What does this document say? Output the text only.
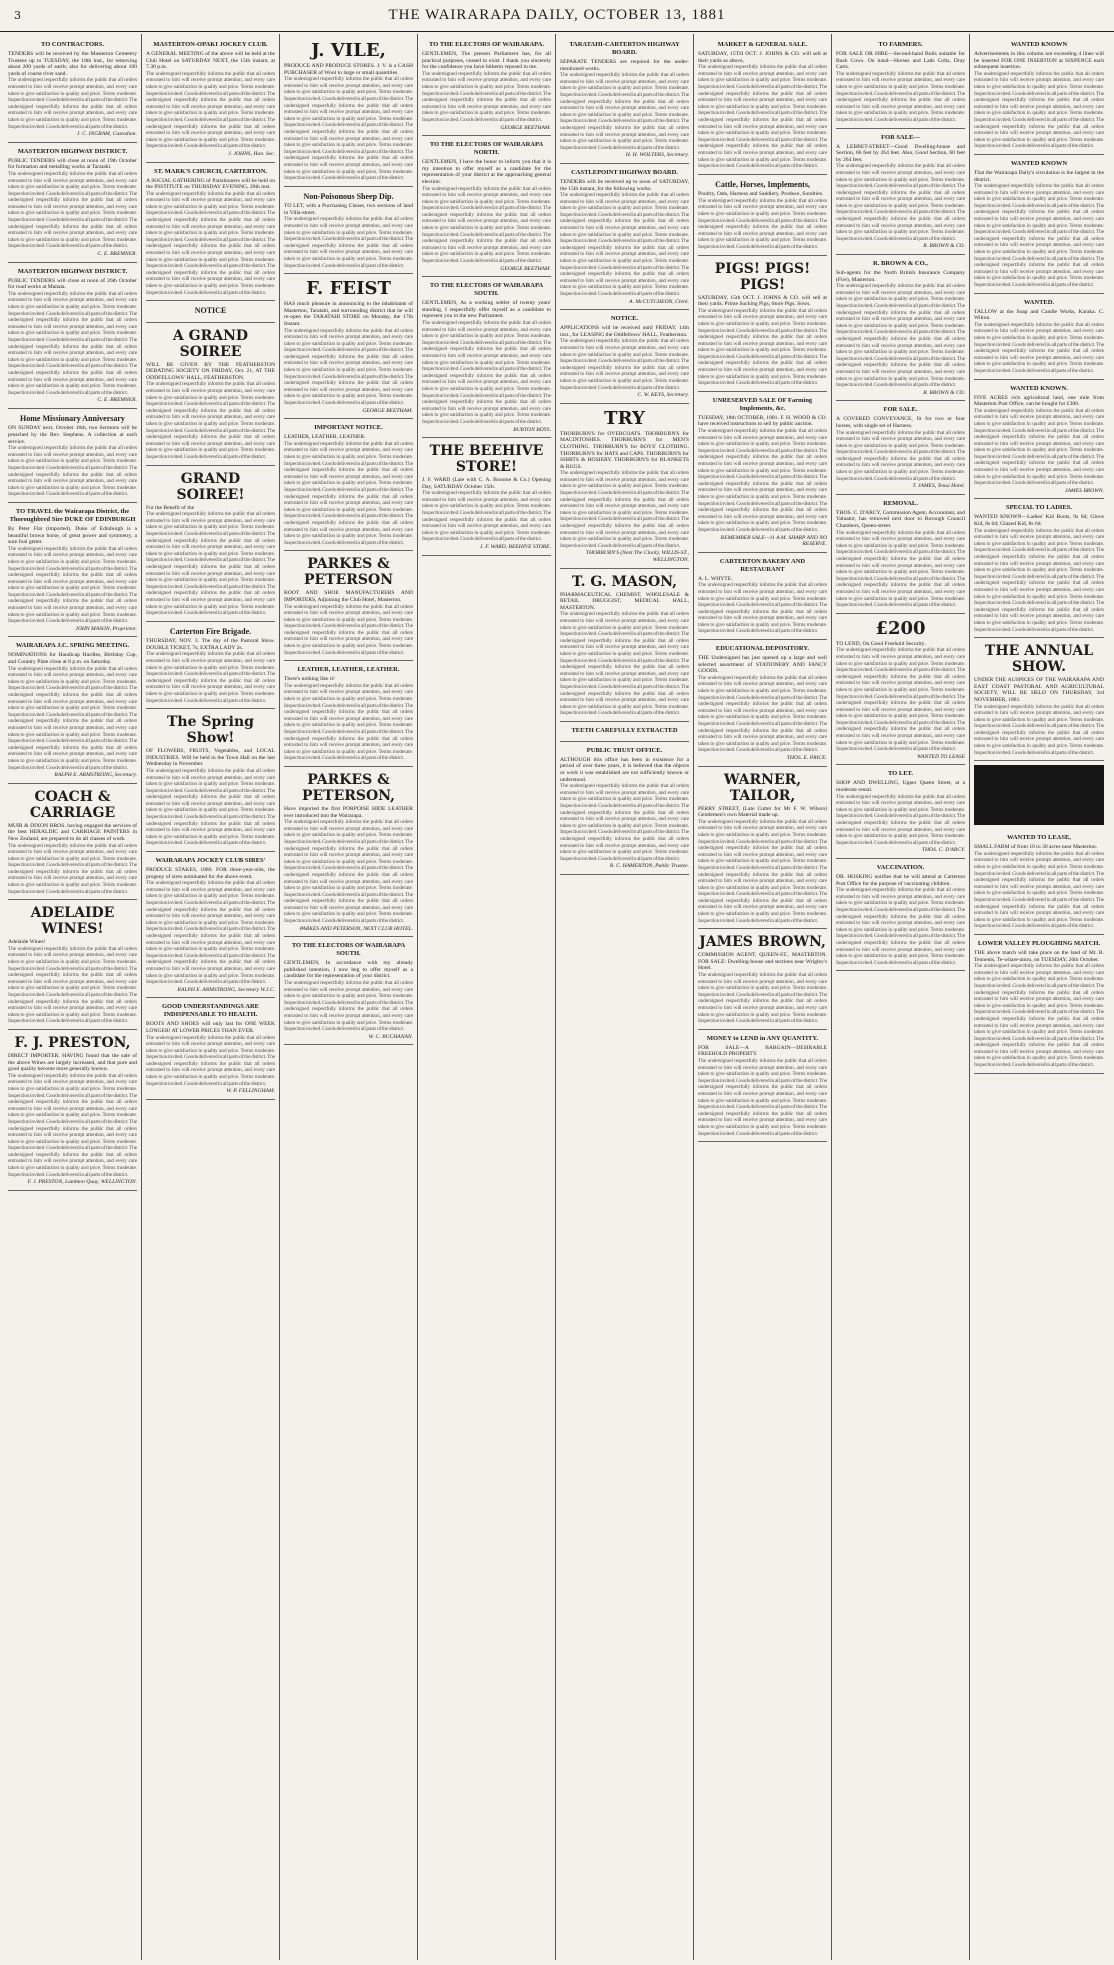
3	THE WAIRARAPA DAILY, OCTOBER 13, 1881
TO CONTRACTORS.
TENDERS will be received by the Masterton Cemetery Trustees up to TUESDAY, the 18th inst., for removing about 200 yards of earth; also for delivering about 100 yards of coarse river sand.
The undersigned respectfully informs the public that all orders entrusted to him will receive prompt attention, and every care taken to give satisfaction in quality and price. Terms moderate. Inspection invited. Goods delivered in all parts of the district. The undersigned respectfully informs the public that all orders entrusted to him will receive prompt attention, and every care taken to give satisfaction in quality and price. Terms moderate. Inspection invited. Goods delivered in all parts of the district.
J. C. INGRAM, Custodian.
MASTERTON HIGHWAY DISTRICT.
PUBLIC TENDERS will close at noon of 19th October for formation and metalling works at Taratahi.
The undersigned respectfully informs the public that all orders entrusted to him will receive prompt attention, and every care taken to give satisfaction in quality and price. Terms moderate. Inspection invited. Goods delivered in all parts of the district. The undersigned respectfully informs the public that all orders entrusted to him will receive prompt attention, and every care taken to give satisfaction in quality and price. Terms moderate. Inspection invited. Goods delivered in all parts of the district. The undersigned respectfully informs the public that all orders entrusted to him will receive prompt attention, and every care taken to give satisfaction in quality and price. Terms moderate. Inspection invited. Goods delivered in all parts of the district.
C. E. BREMNER.
MASTERTON HIGHWAY DISTRICT.
PUBLIC TENDERS will close at noon of 26th October for road works at Manaia.
The undersigned respectfully informs the public that all orders entrusted to him will receive prompt attention, and every care taken to give satisfaction in quality and price. Terms moderate. Inspection invited. Goods delivered in all parts of the district. The undersigned respectfully informs the public that all orders entrusted to him will receive prompt attention, and every care taken to give satisfaction in quality and price. Terms moderate. Inspection invited. Goods delivered in all parts of the district. The undersigned respectfully informs the public that all orders entrusted to him will receive prompt attention, and every care taken to give satisfaction in quality and price. Terms moderate. Inspection invited. Goods delivered in all parts of the district. The undersigned respectfully informs the public that all orders entrusted to him will receive prompt attention, and every care taken to give satisfaction in quality and price. Terms moderate. Inspection invited. Goods delivered in all parts of the district.
C. E. BREMNER.
Home Missionary Anniversary
ON SUNDAY next, October 16th, two Sermons will be preached by the Rev. Stephens. A collection at each service.
The undersigned respectfully informs the public that all orders entrusted to him will receive prompt attention, and every care taken to give satisfaction in quality and price. Terms moderate. Inspection invited. Goods delivered in all parts of the district. The undersigned respectfully informs the public that all orders entrusted to him will receive prompt attention, and every care taken to give satisfaction in quality and price. Terms moderate. Inspection invited. Goods delivered in all parts of the district.
TO TRAVEL the Wairarapa District, the Thoroughbred Sire DUKE OF EDINBURGH
By Peter Flat (imported). Duke of Edinburgh is a beautiful brown horse, of great power and symmetry, a sure foal getter.
The undersigned respectfully informs the public that all orders entrusted to him will receive prompt attention, and every care taken to give satisfaction in quality and price. Terms moderate. Inspection invited. Goods delivered in all parts of the district. The undersigned respectfully informs the public that all orders entrusted to him will receive prompt attention, and every care taken to give satisfaction in quality and price. Terms moderate. Inspection invited. Goods delivered in all parts of the district. The undersigned respectfully informs the public that all orders entrusted to him will receive prompt attention, and every care taken to give satisfaction in quality and price. Terms moderate. Inspection invited. Goods delivered in all parts of the district.
JOHN MASON, Proprietor.
WAIRARAPA J.C. SPRING MEETING.
NOMINATIONS for Handicap Hurdles, Birthday Cup, and Country Plate close at 8 p.m. on Saturday.
The undersigned respectfully informs the public that all orders entrusted to him will receive prompt attention, and every care taken to give satisfaction in quality and price. Terms moderate. Inspection invited. Goods delivered in all parts of the district. The undersigned respectfully informs the public that all orders entrusted to him will receive prompt attention, and every care taken to give satisfaction in quality and price. Terms moderate. Inspection invited. Goods delivered in all parts of the district. The undersigned respectfully informs the public that all orders entrusted to him will receive prompt attention, and every care taken to give satisfaction in quality and price. Terms moderate. Inspection invited. Goods delivered in all parts of the district. The undersigned respectfully informs the public that all orders entrusted to him will receive prompt attention, and every care taken to give satisfaction in quality and price. Terms moderate. Inspection invited. Goods delivered in all parts of the district.
RALPH E. ARMSTRONG, Secretary.
COACH & CARRIAGE
MUIR & DIXON BROS. having engaged the services of the best HERALDIC and CARRIAGE PAINTERS in New Zealand, are prepared to do all classes of work.
The undersigned respectfully informs the public that all orders entrusted to him will receive prompt attention, and every care taken to give satisfaction in quality and price. Terms moderate. Inspection invited. Goods delivered in all parts of the district. The undersigned respectfully informs the public that all orders entrusted to him will receive prompt attention, and every care taken to give satisfaction in quality and price. Terms moderate. Inspection invited. Goods delivered in all parts of the district.
ADELAIDE WINES!
Adelaide Wines!
The undersigned respectfully informs the public that all orders entrusted to him will receive prompt attention, and every care taken to give satisfaction in quality and price. Terms moderate. Inspection invited. Goods delivered in all parts of the district. The undersigned respectfully informs the public that all orders entrusted to him will receive prompt attention, and every care taken to give satisfaction in quality and price. Terms moderate. Inspection invited. Goods delivered in all parts of the district. The undersigned respectfully informs the public that all orders entrusted to him will receive prompt attention, and every care taken to give satisfaction in quality and price. Terms moderate. Inspection invited. Goods delivered in all parts of the district.
F. J. PRESTON,
DIRECT IMPORTER. HAVING found that the sale of the above Wines are largely increased, and that pure and good quality become more generally known.
The undersigned respectfully informs the public that all orders entrusted to him will receive prompt attention, and every care taken to give satisfaction in quality and price. Terms moderate. Inspection invited. Goods delivered in all parts of the district. The undersigned respectfully informs the public that all orders entrusted to him will receive prompt attention, and every care taken to give satisfaction in quality and price. Terms moderate. Inspection invited. Goods delivered in all parts of the district. The undersigned respectfully informs the public that all orders entrusted to him will receive prompt attention, and every care taken to give satisfaction in quality and price. Terms moderate. Inspection invited. Goods delivered in all parts of the district. The undersigned respectfully informs the public that all orders entrusted to him will receive prompt attention, and every care taken to give satisfaction in quality and price. Terms moderate. Inspection invited. Goods delivered in all parts of the district.
F. J. PRESTON, Lambton Quay, WELLINGTON.
MASTERTON-OPAKI JOCKEY CLUB.
A GENERAL MEETING of the above will be held at the Club Hotel on SATURDAY NEXT, the 15th instant, at 7.30 p.m.
The undersigned respectfully informs the public that all orders entrusted to him will receive prompt attention, and every care taken to give satisfaction in quality and price. Terms moderate. Inspection invited. Goods delivered in all parts of the district. The undersigned respectfully informs the public that all orders entrusted to him will receive prompt attention, and every care taken to give satisfaction in quality and price. Terms moderate. Inspection invited. Goods delivered in all parts of the district. The undersigned respectfully informs the public that all orders entrusted to him will receive prompt attention, and every care taken to give satisfaction in quality and price. Terms moderate. Inspection invited. Goods delivered in all parts of the district.
J. JOHNS, Hon. Sec.
ST. MARK'S CHURCH, CARTERTON.
A SOCIAL GATHERING of Parishioners will be held on the INSTITUTE on THURSDAY EVENING, 20th inst.
The undersigned respectfully informs the public that all orders entrusted to him will receive prompt attention, and every care taken to give satisfaction in quality and price. Terms moderate. Inspection invited. Goods delivered in all parts of the district. The undersigned respectfully informs the public that all orders entrusted to him will receive prompt attention, and every care taken to give satisfaction in quality and price. Terms moderate. Inspection invited. Goods delivered in all parts of the district. The undersigned respectfully informs the public that all orders entrusted to him will receive prompt attention, and every care taken to give satisfaction in quality and price. Terms moderate. Inspection invited. Goods delivered in all parts of the district. The undersigned respectfully informs the public that all orders entrusted to him will receive prompt attention, and every care taken to give satisfaction in quality and price. Terms moderate. Inspection invited. Goods delivered in all parts of the district.
NOTICE
A GRAND SOIREE
WILL BE GIVEN BY THE FEATHERSTON DEBATING SOCIETY ON FRIDAY, Oct. 21, AT THE ODDFELLOWS' HALL, FEATHERSTON.
The undersigned respectfully informs the public that all orders entrusted to him will receive prompt attention, and every care taken to give satisfaction in quality and price. Terms moderate. Inspection invited. Goods delivered in all parts of the district. The undersigned respectfully informs the public that all orders entrusted to him will receive prompt attention, and every care taken to give satisfaction in quality and price. Terms moderate. Inspection invited. Goods delivered in all parts of the district. The undersigned respectfully informs the public that all orders entrusted to him will receive prompt attention, and every care taken to give satisfaction in quality and price. Terms moderate. Inspection invited. Goods delivered in all parts of the district.
GRAND SOIREE!
For the Benefit of the
The undersigned respectfully informs the public that all orders entrusted to him will receive prompt attention, and every care taken to give satisfaction in quality and price. Terms moderate. Inspection invited. Goods delivered in all parts of the district. The undersigned respectfully informs the public that all orders entrusted to him will receive prompt attention, and every care taken to give satisfaction in quality and price. Terms moderate. Inspection invited. Goods delivered in all parts of the district. The undersigned respectfully informs the public that all orders entrusted to him will receive prompt attention, and every care taken to give satisfaction in quality and price. Terms moderate. Inspection invited. Goods delivered in all parts of the district. The undersigned respectfully informs the public that all orders entrusted to him will receive prompt attention, and every care taken to give satisfaction in quality and price. Terms moderate. Inspection invited. Goods delivered in all parts of the district.
Carterton Fire Brigade.
THURSDAY, NOV. 3. The day of the Pastoral Show. DOUBLE TICKET, 7s; EXTRA LADY 2s.
The undersigned respectfully informs the public that all orders entrusted to him will receive prompt attention, and every care taken to give satisfaction in quality and price. Terms moderate. Inspection invited. Goods delivered in all parts of the district. The undersigned respectfully informs the public that all orders entrusted to him will receive prompt attention, and every care taken to give satisfaction in quality and price. Terms moderate. Inspection invited. Goods delivered in all parts of the district.
The Spring Show!
OF FLOWERS, FRUITS, Vegetables, and LOCAL INDUSTRIES. Will be held in the Town Hall on the last Wednesday in November.
The undersigned respectfully informs the public that all orders entrusted to him will receive prompt attention, and every care taken to give satisfaction in quality and price. Terms moderate. Inspection invited. Goods delivered in all parts of the district. The undersigned respectfully informs the public that all orders entrusted to him will receive prompt attention, and every care taken to give satisfaction in quality and price. Terms moderate. Inspection invited. Goods delivered in all parts of the district. The undersigned respectfully informs the public that all orders entrusted to him will receive prompt attention, and every care taken to give satisfaction in quality and price. Terms moderate. Inspection invited. Goods delivered in all parts of the district.
WAIRARAPA JOCKEY CLUB SIRES'
PRODUCE STAKES, 1886. FOR three-year-olds, the progeny of sires nominated for the above event.
The undersigned respectfully informs the public that all orders entrusted to him will receive prompt attention, and every care taken to give satisfaction in quality and price. Terms moderate. Inspection invited. Goods delivered in all parts of the district. The undersigned respectfully informs the public that all orders entrusted to him will receive prompt attention, and every care taken to give satisfaction in quality and price. Terms moderate. Inspection invited. Goods delivered in all parts of the district. The undersigned respectfully informs the public that all orders entrusted to him will receive prompt attention, and every care taken to give satisfaction in quality and price. Terms moderate. Inspection invited. Goods delivered in all parts of the district. The undersigned respectfully informs the public that all orders entrusted to him will receive prompt attention, and every care taken to give satisfaction in quality and price. Terms moderate. Inspection invited. Goods delivered in all parts of the district.
RALPH E. ARMSTRONG, Secretary W.J.C.
GOOD UNDERSTANDINGS ARE INDISPENSABLE TO HEALTH.
BOOTS AND SHOES will only last for ONE WEEK LONGER! AT LOWER PRICES THAN EVER.
The undersigned respectfully informs the public that all orders entrusted to him will receive prompt attention, and every care taken to give satisfaction in quality and price. Terms moderate. Inspection invited. Goods delivered in all parts of the district. The undersigned respectfully informs the public that all orders entrusted to him will receive prompt attention, and every care taken to give satisfaction in quality and price. Terms moderate. Inspection invited. Goods delivered in all parts of the district.
W. P. FELLINGHAM.
J. VILE,
PRODUCE AND PRODUCE STORES. J. V. is a CASH PURCHASER of Wool to large or small quantities.
The undersigned respectfully informs the public that all orders entrusted to him will receive prompt attention, and every care taken to give satisfaction in quality and price. Terms moderate. Inspection invited. Goods delivered in all parts of the district. The undersigned respectfully informs the public that all orders entrusted to him will receive prompt attention, and every care taken to give satisfaction in quality and price. Terms moderate. Inspection invited. Goods delivered in all parts of the district. The undersigned respectfully informs the public that all orders entrusted to him will receive prompt attention, and every care taken to give satisfaction in quality and price. Terms moderate. Inspection invited. Goods delivered in all parts of the district. The undersigned respectfully informs the public that all orders entrusted to him will receive prompt attention, and every care taken to give satisfaction in quality and price. Terms moderate. Inspection invited. Goods delivered in all parts of the district.
Non-Poisonous Sheep Dip.
TO LET, with a Purchasing Clause, two sections of land in Villa-street.
The undersigned respectfully informs the public that all orders entrusted to him will receive prompt attention, and every care taken to give satisfaction in quality and price. Terms moderate. Inspection invited. Goods delivered in all parts of the district. The undersigned respectfully informs the public that all orders entrusted to him will receive prompt attention, and every care taken to give satisfaction in quality and price. Terms moderate. Inspection invited. Goods delivered in all parts of the district.
F. FEIST
HAS much pleasure in announcing to the inhabitants of Masterton, Taratahi, and surrounding district that he will re-open the TARATAHI STORE on Monday, the 17th Instant.
The undersigned respectfully informs the public that all orders entrusted to him will receive prompt attention, and every care taken to give satisfaction in quality and price. Terms moderate. Inspection invited. Goods delivered in all parts of the district. The undersigned respectfully informs the public that all orders entrusted to him will receive prompt attention, and every care taken to give satisfaction in quality and price. Terms moderate. Inspection invited. Goods delivered in all parts of the district. The undersigned respectfully informs the public that all orders entrusted to him will receive prompt attention, and every care taken to give satisfaction in quality and price. Terms moderate. Inspection invited. Goods delivered in all parts of the district.
GEORGE BEETHAM.
IMPORTANT NOTICE.
LEATHER, LEATHER, LEATHER.
The undersigned respectfully informs the public that all orders entrusted to him will receive prompt attention, and every care taken to give satisfaction in quality and price. Terms moderate. Inspection invited. Goods delivered in all parts of the district. The undersigned respectfully informs the public that all orders entrusted to him will receive prompt attention, and every care taken to give satisfaction in quality and price. Terms moderate. Inspection invited. Goods delivered in all parts of the district. The undersigned respectfully informs the public that all orders entrusted to him will receive prompt attention, and every care taken to give satisfaction in quality and price. Terms moderate. Inspection invited. Goods delivered in all parts of the district. The undersigned respectfully informs the public that all orders entrusted to him will receive prompt attention, and every care taken to give satisfaction in quality and price. Terms moderate. Inspection invited. Goods delivered in all parts of the district.
PARKES & PETERSON
BOOT AND SHOE MANUFACTURERS AND IMPORTERS, Adjoining the Club Hotel, Masterton.
The undersigned respectfully informs the public that all orders entrusted to him will receive prompt attention, and every care taken to give satisfaction in quality and price. Terms moderate. Inspection invited. Goods delivered in all parts of the district. The undersigned respectfully informs the public that all orders entrusted to him will receive prompt attention, and every care taken to give satisfaction in quality and price. Terms moderate. Inspection invited. Goods delivered in all parts of the district.
LEATHER, LEATHER, LEATHER.
There's nothing like it!
The undersigned respectfully informs the public that all orders entrusted to him will receive prompt attention, and every care taken to give satisfaction in quality and price. Terms moderate. Inspection invited. Goods delivered in all parts of the district. The undersigned respectfully informs the public that all orders entrusted to him will receive prompt attention, and every care taken to give satisfaction in quality and price. Terms moderate. Inspection invited. Goods delivered in all parts of the district. The undersigned respectfully informs the public that all orders entrusted to him will receive prompt attention, and every care taken to give satisfaction in quality and price. Terms moderate. Inspection invited. Goods delivered in all parts of the district.
PARKES & PETERSON,
Have imported the first PORPOISE HIDE LEATHER ever introduced into the Wairarapa.
The undersigned respectfully informs the public that all orders entrusted to him will receive prompt attention, and every care taken to give satisfaction in quality and price. Terms moderate. Inspection invited. Goods delivered in all parts of the district. The undersigned respectfully informs the public that all orders entrusted to him will receive prompt attention, and every care taken to give satisfaction in quality and price. Terms moderate. Inspection invited. Goods delivered in all parts of the district. The undersigned respectfully informs the public that all orders entrusted to him will receive prompt attention, and every care taken to give satisfaction in quality and price. Terms moderate. Inspection invited. Goods delivered in all parts of the district. The undersigned respectfully informs the public that all orders entrusted to him will receive prompt attention, and every care taken to give satisfaction in quality and price. Terms moderate. Inspection invited. Goods delivered in all parts of the district.
PARKES AND PETERSON, NEXT CLUB HOTEL.
TO THE ELECTORS OF WAIRARAPA SOUTH.
GENTLEMEN, In accordance with my already published intention, I now beg to offer myself as a candidate for the representation of your district.
The undersigned respectfully informs the public that all orders entrusted to him will receive prompt attention, and every care taken to give satisfaction in quality and price. Terms moderate. Inspection invited. Goods delivered in all parts of the district. The undersigned respectfully informs the public that all orders entrusted to him will receive prompt attention, and every care taken to give satisfaction in quality and price. Terms moderate. Inspection invited. Goods delivered in all parts of the district.
W. C. BUCHANAN.
TO THE ELECTORS OF WAIRARAPA.
GENTLEMEN, The present Parliament has, for all practical purposes, ceased to exist. I thank you sincerely for the confidence you have hitherto reposed in me.
The undersigned respectfully informs the public that all orders entrusted to him will receive prompt attention, and every care taken to give satisfaction in quality and price. Terms moderate. Inspection invited. Goods delivered in all parts of the district. The undersigned respectfully informs the public that all orders entrusted to him will receive prompt attention, and every care taken to give satisfaction in quality and price. Terms moderate. Inspection invited. Goods delivered in all parts of the district.
GEORGE BEETHAM.
TO THE ELECTORS OF WAIRARAPA NORTH.
GENTLEMEN, I have the honor to inform you that it is my intention to offer myself as a candidate for the representation of your district at the approaching general election.
The undersigned respectfully informs the public that all orders entrusted to him will receive prompt attention, and every care taken to give satisfaction in quality and price. Terms moderate. Inspection invited. Goods delivered in all parts of the district. The undersigned respectfully informs the public that all orders entrusted to him will receive prompt attention, and every care taken to give satisfaction in quality and price. Terms moderate. Inspection invited. Goods delivered in all parts of the district. The undersigned respectfully informs the public that all orders entrusted to him will receive prompt attention, and every care taken to give satisfaction in quality and price. Terms moderate. Inspection invited. Goods delivered in all parts of the district.
GEORGE BEETHAM.
TO THE ELECTORS OF WAIRARAPA SOUTH.
GENTLEMEN, As a working settler of twenty years' standing, I respectfully offer myself as a candidate to represent you in the new Parliament.
The undersigned respectfully informs the public that all orders entrusted to him will receive prompt attention, and every care taken to give satisfaction in quality and price. Terms moderate. Inspection invited. Goods delivered in all parts of the district. The undersigned respectfully informs the public that all orders entrusted to him will receive prompt attention, and every care taken to give satisfaction in quality and price. Terms moderate. Inspection invited. Goods delivered in all parts of the district. The undersigned respectfully informs the public that all orders entrusted to him will receive prompt attention, and every care taken to give satisfaction in quality and price. Terms moderate. Inspection invited. Goods delivered in all parts of the district. The undersigned respectfully informs the public that all orders entrusted to him will receive prompt attention, and every care taken to give satisfaction in quality and price. Terms moderate. Inspection invited. Goods delivered in all parts of the district.
BURTON BOYS.
THE BEEHIVE STORE!
J. F. WARD (Late with C. A. Broome & Co.) Opening Day, SATURDAY October 15th.
The undersigned respectfully informs the public that all orders entrusted to him will receive prompt attention, and every care taken to give satisfaction in quality and price. Terms moderate. Inspection invited. Goods delivered in all parts of the district. The undersigned respectfully informs the public that all orders entrusted to him will receive prompt attention, and every care taken to give satisfaction in quality and price. Terms moderate. Inspection invited. Goods delivered in all parts of the district.
J. F. WARD, BEEHIVE STORE.
TARATAHI-CARTERTON HIGHWAY BOARD.
SEPARATE TENDERS are required for the under-mentioned works.
The undersigned respectfully informs the public that all orders entrusted to him will receive prompt attention, and every care taken to give satisfaction in quality and price. Terms moderate. Inspection invited. Goods delivered in all parts of the district. The undersigned respectfully informs the public that all orders entrusted to him will receive prompt attention, and every care taken to give satisfaction in quality and price. Terms moderate. Inspection invited. Goods delivered in all parts of the district. The undersigned respectfully informs the public that all orders entrusted to him will receive prompt attention, and every care taken to give satisfaction in quality and price. Terms moderate. Inspection invited. Goods delivered in all parts of the district.
H. H. WOLTERS, Secretary.
CASTLEPOINT HIGHWAY BOARD.
TENDERS will be received up to noon of SATURDAY, the 15th instant, for the following works.
The undersigned respectfully informs the public that all orders entrusted to him will receive prompt attention, and every care taken to give satisfaction in quality and price. Terms moderate. Inspection invited. Goods delivered in all parts of the district. The undersigned respectfully informs the public that all orders entrusted to him will receive prompt attention, and every care taken to give satisfaction in quality and price. Terms moderate. Inspection invited. Goods delivered in all parts of the district. The undersigned respectfully informs the public that all orders entrusted to him will receive prompt attention, and every care taken to give satisfaction in quality and price. Terms moderate. Inspection invited. Goods delivered in all parts of the district. The undersigned respectfully informs the public that all orders entrusted to him will receive prompt attention, and every care taken to give satisfaction in quality and price. Terms moderate. Inspection invited. Goods delivered in all parts of the district.
A. McCUTCHEON, Clerk.
NOTICE.
APPLICATIONS will be received until FRIDAY, 14th inst., for LEASING the Oddfellows' HALL, Featherston.
The undersigned respectfully informs the public that all orders entrusted to him will receive prompt attention, and every care taken to give satisfaction in quality and price. Terms moderate. Inspection invited. Goods delivered in all parts of the district. The undersigned respectfully informs the public that all orders entrusted to him will receive prompt attention, and every care taken to give satisfaction in quality and price. Terms moderate. Inspection invited. Goods delivered in all parts of the district.
C. W. KEYS, Secretary.
TRY
THORBURN'S for OVERCOATS. THORBURN'S for MACINTOSHES. THORBURN'S for MEN'S CLOTHING. THORBURN'S for BOYS' CLOTHING. THORBURN'S for HATS and CAPS. THORBURN'S for SHIRTS & HOSIERY. THORBURN'S for BLANKETS & RUGS.
The undersigned respectfully informs the public that all orders entrusted to him will receive prompt attention, and every care taken to give satisfaction in quality and price. Terms moderate. Inspection invited. Goods delivered in all parts of the district. The undersigned respectfully informs the public that all orders entrusted to him will receive prompt attention, and every care taken to give satisfaction in quality and price. Terms moderate. Inspection invited. Goods delivered in all parts of the district. The undersigned respectfully informs the public that all orders entrusted to him will receive prompt attention, and every care taken to give satisfaction in quality and price. Terms moderate. Inspection invited. Goods delivered in all parts of the district.
THORBURN'S (Next The Clock), WILLIS-ST., WELLINGTON.
T. G. MASON,
PHARMACEUTICAL CHEMIST, WHOLESALE & RETAIL DRUGGIST, MEDICAL HALL, MASTERTON.
The undersigned respectfully informs the public that all orders entrusted to him will receive prompt attention, and every care taken to give satisfaction in quality and price. Terms moderate. Inspection invited. Goods delivered in all parts of the district. The undersigned respectfully informs the public that all orders entrusted to him will receive prompt attention, and every care taken to give satisfaction in quality and price. Terms moderate. Inspection invited. Goods delivered in all parts of the district. The undersigned respectfully informs the public that all orders entrusted to him will receive prompt attention, and every care taken to give satisfaction in quality and price. Terms moderate. Inspection invited. Goods delivered in all parts of the district. The undersigned respectfully informs the public that all orders entrusted to him will receive prompt attention, and every care taken to give satisfaction in quality and price. Terms moderate. Inspection invited. Goods delivered in all parts of the district.
TEETH CAREFULLY EXTRACTED
PUBLIC TRUST OFFICE.
ALTHOUGH this office has been in existence for a period of over three years, it is believed that the objects or work it was established are not sufficiently known or understood.
The undersigned respectfully informs the public that all orders entrusted to him will receive prompt attention, and every care taken to give satisfaction in quality and price. Terms moderate. Inspection invited. Goods delivered in all parts of the district. The undersigned respectfully informs the public that all orders entrusted to him will receive prompt attention, and every care taken to give satisfaction in quality and price. Terms moderate. Inspection invited. Goods delivered in all parts of the district. The undersigned respectfully informs the public that all orders entrusted to him will receive prompt attention, and every care taken to give satisfaction in quality and price. Terms moderate. Inspection invited. Goods delivered in all parts of the district.
R. C. HAMERTON, Public Trustee.
MARKET & GENERAL SALE.
SATURDAY, 15TH OCT. J. JOHNS & CO. will sell at their yards as above,
The undersigned respectfully informs the public that all orders entrusted to him will receive prompt attention, and every care taken to give satisfaction in quality and price. Terms moderate. Inspection invited. Goods delivered in all parts of the district. The undersigned respectfully informs the public that all orders entrusted to him will receive prompt attention, and every care taken to give satisfaction in quality and price. Terms moderate. Inspection invited. Goods delivered in all parts of the district. The undersigned respectfully informs the public that all orders entrusted to him will receive prompt attention, and every care taken to give satisfaction in quality and price. Terms moderate. Inspection invited. Goods delivered in all parts of the district. The undersigned respectfully informs the public that all orders entrusted to him will receive prompt attention, and every care taken to give satisfaction in quality and price. Terms moderate. Inspection invited. Goods delivered in all parts of the district.
Cattle, Horses, Implements,
Poultry, Oats, Harness and Saddlery, Produce, Sundries.
The undersigned respectfully informs the public that all orders entrusted to him will receive prompt attention, and every care taken to give satisfaction in quality and price. Terms moderate. Inspection invited. Goods delivered in all parts of the district. The undersigned respectfully informs the public that all orders entrusted to him will receive prompt attention, and every care taken to give satisfaction in quality and price. Terms moderate. Inspection invited. Goods delivered in all parts of the district.
PIGS! PIGS! PIGS!
SATURDAY, 15th OCT. J. JOHNS & CO. will sell at their yards. Prime Sucking Pigs, Store Pigs, Sows.
The undersigned respectfully informs the public that all orders entrusted to him will receive prompt attention, and every care taken to give satisfaction in quality and price. Terms moderate. Inspection invited. Goods delivered in all parts of the district. The undersigned respectfully informs the public that all orders entrusted to him will receive prompt attention, and every care taken to give satisfaction in quality and price. Terms moderate. Inspection invited. Goods delivered in all parts of the district. The undersigned respectfully informs the public that all orders entrusted to him will receive prompt attention, and every care taken to give satisfaction in quality and price. Terms moderate. Inspection invited. Goods delivered in all parts of the district.
UNRESERVED SALE OF Farming Implements, &c.
TUESDAY, 18th OCTOBER, 1881. F. H. WOOD & CO. have received instructions to sell by public auction.
The undersigned respectfully informs the public that all orders entrusted to him will receive prompt attention, and every care taken to give satisfaction in quality and price. Terms moderate. Inspection invited. Goods delivered in all parts of the district. The undersigned respectfully informs the public that all orders entrusted to him will receive prompt attention, and every care taken to give satisfaction in quality and price. Terms moderate. Inspection invited. Goods delivered in all parts of the district. The undersigned respectfully informs the public that all orders entrusted to him will receive prompt attention, and every care taken to give satisfaction in quality and price. Terms moderate. Inspection invited. Goods delivered in all parts of the district. The undersigned respectfully informs the public that all orders entrusted to him will receive prompt attention, and every care taken to give satisfaction in quality and price. Terms moderate. Inspection invited. Goods delivered in all parts of the district.
REMEMBER SALE—11 A.M. SHARP AND NO RESERVE.
CARTERTON BAKERY AND RESTAURANT
A. L. WHYTE.
The undersigned respectfully informs the public that all orders entrusted to him will receive prompt attention, and every care taken to give satisfaction in quality and price. Terms moderate. Inspection invited. Goods delivered in all parts of the district. The undersigned respectfully informs the public that all orders entrusted to him will receive prompt attention, and every care taken to give satisfaction in quality and price. Terms moderate. Inspection invited. Goods delivered in all parts of the district.
EDUCATIONAL DEPOSITORY.
THE Undersigned has just opened up a large and well selected assortment of STATIONERY AND FANCY GOODS.
The undersigned respectfully informs the public that all orders entrusted to him will receive prompt attention, and every care taken to give satisfaction in quality and price. Terms moderate. Inspection invited. Goods delivered in all parts of the district. The undersigned respectfully informs the public that all orders entrusted to him will receive prompt attention, and every care taken to give satisfaction in quality and price. Terms moderate. Inspection invited. Goods delivered in all parts of the district. The undersigned respectfully informs the public that all orders entrusted to him will receive prompt attention, and every care taken to give satisfaction in quality and price. Terms moderate. Inspection invited. Goods delivered in all parts of the district.
THOS. E. PRICE.
WARNER, TAILOR,
PERRY STREET, (Late Cutter for Mr F. W. Wilson) Gentlemen's own Material made up.
The undersigned respectfully informs the public that all orders entrusted to him will receive prompt attention, and every care taken to give satisfaction in quality and price. Terms moderate. Inspection invited. Goods delivered in all parts of the district. The undersigned respectfully informs the public that all orders entrusted to him will receive prompt attention, and every care taken to give satisfaction in quality and price. Terms moderate. Inspection invited. Goods delivered in all parts of the district. The undersigned respectfully informs the public that all orders entrusted to him will receive prompt attention, and every care taken to give satisfaction in quality and price. Terms moderate. Inspection invited. Goods delivered in all parts of the district. The undersigned respectfully informs the public that all orders entrusted to him will receive prompt attention, and every care taken to give satisfaction in quality and price. Terms moderate. Inspection invited. Goods delivered in all parts of the district.
JAMES BROWN,
COMMISSION AGENT, QUEEN-ST., MASTERTON. FOR SALE: Dwelling-house and sections near Wrigley's Hotel.
The undersigned respectfully informs the public that all orders entrusted to him will receive prompt attention, and every care taken to give satisfaction in quality and price. Terms moderate. Inspection invited. Goods delivered in all parts of the district. The undersigned respectfully informs the public that all orders entrusted to him will receive prompt attention, and every care taken to give satisfaction in quality and price. Terms moderate. Inspection invited. Goods delivered in all parts of the district.
MONEY to LEND in ANY QUANTITY.
FOR SALE—A BARGAIN—DESIRABLE FREEHOLD PROPERTY.
The undersigned respectfully informs the public that all orders entrusted to him will receive prompt attention, and every care taken to give satisfaction in quality and price. Terms moderate. Inspection invited. Goods delivered in all parts of the district. The undersigned respectfully informs the public that all orders entrusted to him will receive prompt attention, and every care taken to give satisfaction in quality and price. Terms moderate. Inspection invited. Goods delivered in all parts of the district. The undersigned respectfully informs the public that all orders entrusted to him will receive prompt attention, and every care taken to give satisfaction in quality and price. Terms moderate. Inspection invited. Goods delivered in all parts of the district.
TO FARMERS.
FOR SALE OR HIRE—Second-hand Bulls suitable for Bush Cows. On hand—Horses and Lads Colts, Dray Carts.
The undersigned respectfully informs the public that all orders entrusted to him will receive prompt attention, and every care taken to give satisfaction in quality and price. Terms moderate. Inspection invited. Goods delivered in all parts of the district. The undersigned respectfully informs the public that all orders entrusted to him will receive prompt attention, and every care taken to give satisfaction in quality and price. Terms moderate. Inspection invited. Goods delivered in all parts of the district.
FOR SALE—
A LEBBET-STREET—Good Dwelling-house and Section, 66 feet by 264 feet. Also, Good Section, 60 feet by 264 feet.
The undersigned respectfully informs the public that all orders entrusted to him will receive prompt attention, and every care taken to give satisfaction in quality and price. Terms moderate. Inspection invited. Goods delivered in all parts of the district. The undersigned respectfully informs the public that all orders entrusted to him will receive prompt attention, and every care taken to give satisfaction in quality and price. Terms moderate. Inspection invited. Goods delivered in all parts of the district. The undersigned respectfully informs the public that all orders entrusted to him will receive prompt attention, and every care taken to give satisfaction in quality and price. Terms moderate. Inspection invited. Goods delivered in all parts of the district.
R. BROWN & CO.
R. BROWN & CO.,
Sub-agents for the North British Insurance Company (Fire), Masterton.
The undersigned respectfully informs the public that all orders entrusted to him will receive prompt attention, and every care taken to give satisfaction in quality and price. Terms moderate. Inspection invited. Goods delivered in all parts of the district. The undersigned respectfully informs the public that all orders entrusted to him will receive prompt attention, and every care taken to give satisfaction in quality and price. Terms moderate. Inspection invited. Goods delivered in all parts of the district. The undersigned respectfully informs the public that all orders entrusted to him will receive prompt attention, and every care taken to give satisfaction in quality and price. Terms moderate. Inspection invited. Goods delivered in all parts of the district. The undersigned respectfully informs the public that all orders entrusted to him will receive prompt attention, and every care taken to give satisfaction in quality and price. Terms moderate. Inspection invited. Goods delivered in all parts of the district.
R. BROWN & CO.
FOR SALE.
A COVERED CONVEYANCE, fit for two or four horses, with single set of Harness.
The undersigned respectfully informs the public that all orders entrusted to him will receive prompt attention, and every care taken to give satisfaction in quality and price. Terms moderate. Inspection invited. Goods delivered in all parts of the district. The undersigned respectfully informs the public that all orders entrusted to him will receive prompt attention, and every care taken to give satisfaction in quality and price. Terms moderate. Inspection invited. Goods delivered in all parts of the district.
T. JAMES, Tenui Hotel.
REMOVAL.
THOS. C. D'ARCY, Commission Agent, Accountant, and Valuator, has removed next door to Borough Council Chambers, Queen-street.
The undersigned respectfully informs the public that all orders entrusted to him will receive prompt attention, and every care taken to give satisfaction in quality and price. Terms moderate. Inspection invited. Goods delivered in all parts of the district. The undersigned respectfully informs the public that all orders entrusted to him will receive prompt attention, and every care taken to give satisfaction in quality and price. Terms moderate. Inspection invited. Goods delivered in all parts of the district. The undersigned respectfully informs the public that all orders entrusted to him will receive prompt attention, and every care taken to give satisfaction in quality and price. Terms moderate. Inspection invited. Goods delivered in all parts of the district.
£200
TO LEND, On Good Freehold Security.
The undersigned respectfully informs the public that all orders entrusted to him will receive prompt attention, and every care taken to give satisfaction in quality and price. Terms moderate. Inspection invited. Goods delivered in all parts of the district. The undersigned respectfully informs the public that all orders entrusted to him will receive prompt attention, and every care taken to give satisfaction in quality and price. Terms moderate. Inspection invited. Goods delivered in all parts of the district. The undersigned respectfully informs the public that all orders entrusted to him will receive prompt attention, and every care taken to give satisfaction in quality and price. Terms moderate. Inspection invited. Goods delivered in all parts of the district. The undersigned respectfully informs the public that all orders entrusted to him will receive prompt attention, and every care taken to give satisfaction in quality and price. Terms moderate. Inspection invited. Goods delivered in all parts of the district.
WANTED TO LEASE
TO LET.
SHOP AND DWELLING, Upper Queen Street, at a moderate rental.
The undersigned respectfully informs the public that all orders entrusted to him will receive prompt attention, and every care taken to give satisfaction in quality and price. Terms moderate. Inspection invited. Goods delivered in all parts of the district. The undersigned respectfully informs the public that all orders entrusted to him will receive prompt attention, and every care taken to give satisfaction in quality and price. Terms moderate. Inspection invited. Goods delivered in all parts of the district.
THOS. C. D'ARCY.
VACCINATION.
DR. HOSKING notifies that he will attend at Carterton Post Office for the purpose of vaccinating children.
The undersigned respectfully informs the public that all orders entrusted to him will receive prompt attention, and every care taken to give satisfaction in quality and price. Terms moderate. Inspection invited. Goods delivered in all parts of the district. The undersigned respectfully informs the public that all orders entrusted to him will receive prompt attention, and every care taken to give satisfaction in quality and price. Terms moderate. Inspection invited. Goods delivered in all parts of the district. The undersigned respectfully informs the public that all orders entrusted to him will receive prompt attention, and every care taken to give satisfaction in quality and price. Terms moderate. Inspection invited. Goods delivered in all parts of the district.
WANTED KNOWN
Advertisements in this column not exceeding 4 lines will be inserted FOR ONE INSERTION at SIXPENCE each subsequent insertion.
The undersigned respectfully informs the public that all orders entrusted to him will receive prompt attention, and every care taken to give satisfaction in quality and price. Terms moderate. Inspection invited. Goods delivered in all parts of the district. The undersigned respectfully informs the public that all orders entrusted to him will receive prompt attention, and every care taken to give satisfaction in quality and price. Terms moderate. Inspection invited. Goods delivered in all parts of the district. The undersigned respectfully informs the public that all orders entrusted to him will receive prompt attention, and every care taken to give satisfaction in quality and price. Terms moderate. Inspection invited. Goods delivered in all parts of the district.
WANTED KNOWN
That the Wairarapa Daily's circulation is the largest in the district.
The undersigned respectfully informs the public that all orders entrusted to him will receive prompt attention, and every care taken to give satisfaction in quality and price. Terms moderate. Inspection invited. Goods delivered in all parts of the district. The undersigned respectfully informs the public that all orders entrusted to him will receive prompt attention, and every care taken to give satisfaction in quality and price. Terms moderate. Inspection invited. Goods delivered in all parts of the district. The undersigned respectfully informs the public that all orders entrusted to him will receive prompt attention, and every care taken to give satisfaction in quality and price. Terms moderate. Inspection invited. Goods delivered in all parts of the district. The undersigned respectfully informs the public that all orders entrusted to him will receive prompt attention, and every care taken to give satisfaction in quality and price. Terms moderate. Inspection invited. Goods delivered in all parts of the district.
WANTED.
TALLOW at the Soap and Candle Works, Karaka. C. Wilton.
The undersigned respectfully informs the public that all orders entrusted to him will receive prompt attention, and every care taken to give satisfaction in quality and price. Terms moderate. Inspection invited. Goods delivered in all parts of the district. The undersigned respectfully informs the public that all orders entrusted to him will receive prompt attention, and every care taken to give satisfaction in quality and price. Terms moderate. Inspection invited. Goods delivered in all parts of the district.
WANTED KNOWN.
FIVE ACRES rich agricultural land, one mile from Masterton Post Office, can be bought for £300.
The undersigned respectfully informs the public that all orders entrusted to him will receive prompt attention, and every care taken to give satisfaction in quality and price. Terms moderate. Inspection invited. Goods delivered in all parts of the district. The undersigned respectfully informs the public that all orders entrusted to him will receive prompt attention, and every care taken to give satisfaction in quality and price. Terms moderate. Inspection invited. Goods delivered in all parts of the district. The undersigned respectfully informs the public that all orders entrusted to him will receive prompt attention, and every care taken to give satisfaction in quality and price. Terms moderate. Inspection invited. Goods delivered in all parts of the district.
JAMES BROWN.
SPECIAL TO LADIES.
WANTED KNOWN—Ladies' Kid Boots, 9s 6d; Glove Kid, 8s 6d; Glazed Kid, 8s 6d.
The undersigned respectfully informs the public that all orders entrusted to him will receive prompt attention, and every care taken to give satisfaction in quality and price. Terms moderate. Inspection invited. Goods delivered in all parts of the district. The undersigned respectfully informs the public that all orders entrusted to him will receive prompt attention, and every care taken to give satisfaction in quality and price. Terms moderate. Inspection invited. Goods delivered in all parts of the district. The undersigned respectfully informs the public that all orders entrusted to him will receive prompt attention, and every care taken to give satisfaction in quality and price. Terms moderate. Inspection invited. Goods delivered in all parts of the district. The undersigned respectfully informs the public that all orders entrusted to him will receive prompt attention, and every care taken to give satisfaction in quality and price. Terms moderate. Inspection invited. Goods delivered in all parts of the district.
THE ANNUAL SHOW.
UNDER THE AUSPICES OF THE WAIRARAPA AND EAST COAST PASTORAL AND AGRICULTURAL SOCIETY, WILL BE HELD ON THURSDAY, 3rd NOVEMBER, 1881.
The undersigned respectfully informs the public that all orders entrusted to him will receive prompt attention, and every care taken to give satisfaction in quality and price. Terms moderate. Inspection invited. Goods delivered in all parts of the district. The undersigned respectfully informs the public that all orders entrusted to him will receive prompt attention, and every care taken to give satisfaction in quality and price. Terms moderate. Inspection invited. Goods delivered in all parts of the district.
WANTED TO LEASE,
SMALL FARM of from 10 to 30 acres near Masterton.
The undersigned respectfully informs the public that all orders entrusted to him will receive prompt attention, and every care taken to give satisfaction in quality and price. Terms moderate. Inspection invited. Goods delivered in all parts of the district. The undersigned respectfully informs the public that all orders entrusted to him will receive prompt attention, and every care taken to give satisfaction in quality and price. Terms moderate. Inspection invited. Goods delivered in all parts of the district. The undersigned respectfully informs the public that all orders entrusted to him will receive prompt attention, and every care taken to give satisfaction in quality and price. Terms moderate. Inspection invited. Goods delivered in all parts of the district.
LOWER VALLEY PLOUGHING MATCH.
THE above match will take place on the land of Mr. R. Tennents, Te-whare-aturu, on TUESDAY, 26th October.
The undersigned respectfully informs the public that all orders entrusted to him will receive prompt attention, and every care taken to give satisfaction in quality and price. Terms moderate. Inspection invited. Goods delivered in all parts of the district. The undersigned respectfully informs the public that all orders entrusted to him will receive prompt attention, and every care taken to give satisfaction in quality and price. Terms moderate. Inspection invited. Goods delivered in all parts of the district. The undersigned respectfully informs the public that all orders entrusted to him will receive prompt attention, and every care taken to give satisfaction in quality and price. Terms moderate. Inspection invited. Goods delivered in all parts of the district. The undersigned respectfully informs the public that all orders entrusted to him will receive prompt attention, and every care taken to give satisfaction in quality and price. Terms moderate. Inspection invited. Goods delivered in all parts of the district.
